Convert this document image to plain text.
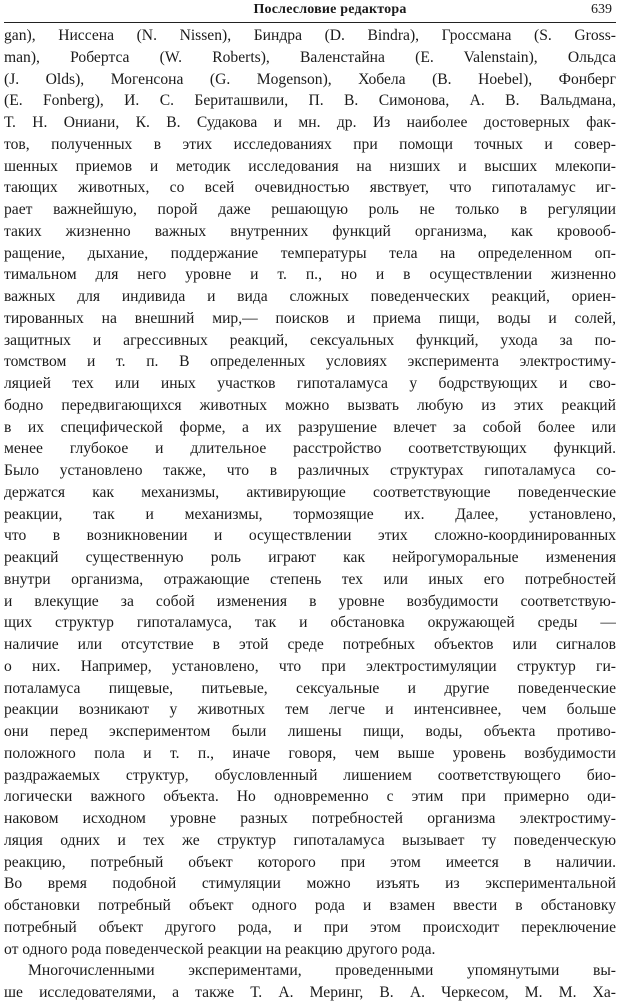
Послесловие редактора	639
gan), Ниссена (N. Nissen), Биндра (D. Bindra), Гроссмана (S. Gross-
man), Робертса (W. Roberts), Валенстайна (E. Valenstain), Ольдса
(J. Olds), Могенсона (G. Mogenson), Хобела (B. Hoebel), Фонберг
(E. Fonberg), И. С. Бериташвили, П. В. Симонова, А. В. Вальдмана,
Т. Н. Ониани, К. В. Судакова и мн. др. Из наиболее достоверных фак-
тов, полученных в этих исследованиях при помощи точных и совер-
шенных приемов и методик исследования на низших и высших млекопи-
тающих животных, со всей очевидностью явствует, что гипоталамус иг-
рает важнейшую, порой даже решающую роль не только в регуляции
таких жизненно важных внутренних функций организма, как кровооб-
ращение, дыхание, поддержание температуры тела на определенном оп-
тимальном для него уровне и т. п., но и в осуществлении жизненно
важных для индивида и вида сложных поведенческих реакций, ориен-
тированных на внешний мир,— поисков и приема пищи, воды и солей,
защитных и агрессивных реакций, сексуальных функций, ухода за по-
томством и т. п. В определенных условиях эксперимента электростиму-
ляцией тех или иных участков гипоталамуса у бодрствующих и сво-
бодно передвигающихся животных можно вызвать любую из этих реакций
в их специфической форме, а их разрушение влечет за собой более или
менее глубокое и длительное расстройство соответствующих функций.
Было установлено также, что в различных структурах гипоталамуса со-
держатся как механизмы, активирующие соответствующие поведенческие
реакции, так и механизмы, тормозящие их. Далее, установлено,
что в возникновении и осуществлении этих сложно-координированных
реакций существенную роль играют как нейрогуморальные изменения
внутри организма, отражающие степень тех или иных его потребностей
и влекущие за собой изменения в уровне возбудимости соответствую-
щих структур гипоталамуса, так и обстановка окружающей среды —
наличие или отсутствие в этой среде потребных объектов или сигналов
о них. Например, установлено, что при электростимуляции структур ги-
поталамуса пищевые, питьевые, сексуальные и другие поведенческие
реакции возникают у животных тем легче и интенсивнее, чем больше
они перед экспериментом были лишены пищи, воды, объекта противо-
положного пола и т. п., иначе говоря, чем выше уровень возбудимости
раздражаемых структур, обусловленный лишением соответствующего био-
логически важного объекта. Но одновременно с этим при примерно оди-
наковом исходном уровне разных потребностей организма электростиму-
ляция одних и тех же структур гипоталамуса вызывает ту поведенческую
реакцию, потребный объект которого при этом имеется в наличии.
Во время подобной стимуляции можно изъять из экспериментальной
обстановки потребный объект одного рода и взамен ввести в обстановку
потребный объект другого рода, и при этом происходит переключение
от одного рода поведенческой реакции на реакцию другого рода.
Многочисленными экспериментами, проведенными упомянутыми вы-
ше исследователями, а также Т. А. Меринг, В. А. Черкесом, М. М. Ха-
